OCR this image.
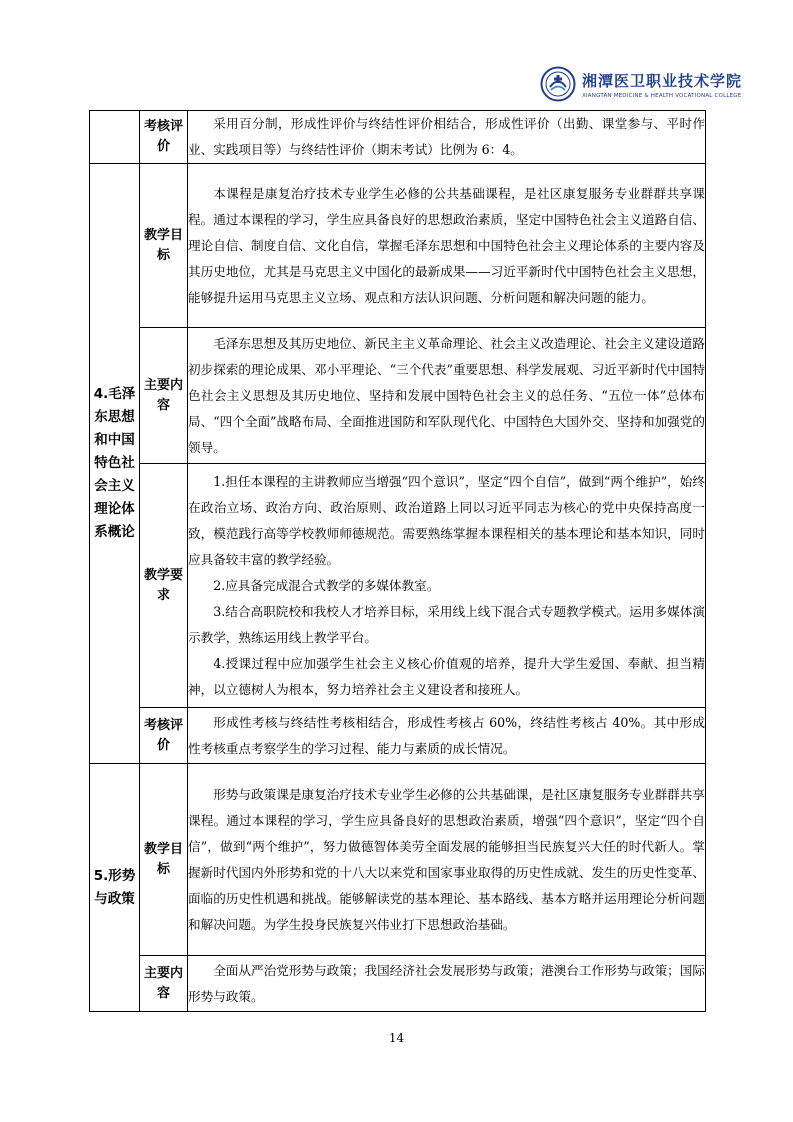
湘潭医卫职业技术学院
XIANGTAN MEDICINE & HEALTH VOCATIONAL COLLEGE
	考核评价	采用百分制，形成性评价与终结性评价相结合，形成性评价（出勤、课堂参与、平时作业、实践项目等）与终结性评价（期末考试）比例为 6：4。

4.毛泽东思想和中国特色社会主义理论体系概论	教学目标	本课程是康复治疗技术专业学生必修的公共基础课程，是社区康复服务专业群群共享课程。通过本课程的学习，学生应具备良好的思想政治素质，坚定中国特色社会主义道路自信、理论自信、制度自信、文化自信，掌握毛泽东思想和中国特色社会主义理论体系的主要内容及其历史地位，尤其是马克思主义中国化的最新成果——习近平新时代中国特色社会主义思想，能够提升运用马克思主义立场、观点和方法认识问题、分析问题和解决问题的能力。

	主要内容	毛泽东思想及其历史地位、新民主主义革命理论、社会主义改造理论、社会主义建设道路初步探索的理论成果、邓小平理论、“三个代表”重要思想、科学发展观、习近平新时代中国特色社会主义思想及其历史地位、坚持和发展中国特色社会主义的总任务、“五位一体”总体布局、“四个全面”战略布局、全面推进国防和军队现代化、中国特色大国外交、坚持和加强党的领导。

	教学要求	1.担任本课程的主讲教师应当增强“四个意识”，坚定“四个自信”，做到“两个维护”，始终在政治立场、政治方向、政治原则、政治道路上同以习近平同志为核心的党中央保持高度一致，模范践行高等学校教师师德规范。需要熟练掌握本课程相关的基本理论和基本知识，同时应具备较丰富的教学经验。

2.应具备完成混合式教学的多媒体教室。

3.结合高职院校和我校人才培养目标，采用线上线下混合式专题教学模式。运用多媒体演示教学，熟练运用线上教学平台。

4.授课过程中应加强学生社会主义核心价值观的培养，提升大学生爱国、奉献、担当精神，以立德树人为根本，努力培养社会主义建设者和接班人。

	考核评价	形成性考核与终结性考核相结合，形成性考核占 60%，终结性考核占 40%。其中形成性考核重点考察学生的学习过程、能力与素质的成长情况。

5.形势与政策	教学目标	形势与政策课是康复治疗技术专业学生必修的公共基础课，是社区康复服务专业群群共享课程。通过本课程的学习，学生应具备良好的思想政治素质，增强“四个意识”，坚定“四个自信”，做到“两个维护”，努力做德智体美劳全面发展的能够担当民族复兴大任的时代新人。掌握新时代国内外形势和党的十八大以来党和国家事业取得的历史性成就、发生的历史性变革、面临的历史性机遇和挑战。能够解读党的基本理论、基本路线、基本方略并运用理论分析问题和解决问题。为学生投身民族复兴伟业打下思想政治基础。

	主要内容	全面从严治党形势与政策；我国经济社会发展形势与政策；港澳台工作形势与政策；国际形势与政策。

14
